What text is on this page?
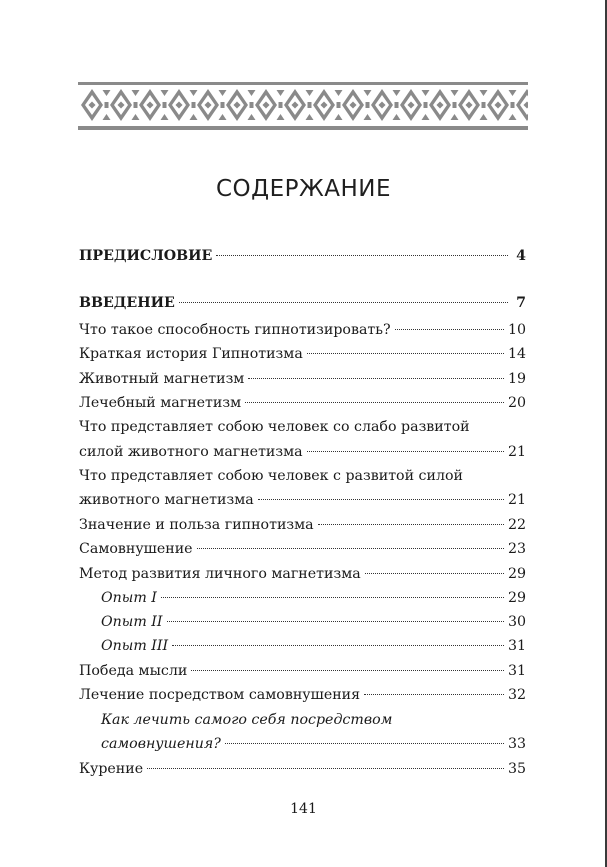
СОДЕРЖАНИЕ
ПРЕДИСЛОВИЕ	4
ВВЕДЕНИЕ	7
Что такое способность гипнотизировать?	10
Краткая история Гипнотизма	14
Животный магнетизм	19
Лечебный магнетизм	20
Что представляет собою человек со слабо развитой
силой животного магнетизма	21
Что представляет собою человек с развитой силой
животного магнетизма	21
Значение и польза гипнотизма	22
Самовнушение	23
Метод развития личного магнетизма	29
Опыт I	29
Опыт II	30
Опыт III	31
Победа мысли	31
Лечение посредством самовнушения	32
Как лечить самого себя посредством
самовнушения?	33
Курение	35
141
